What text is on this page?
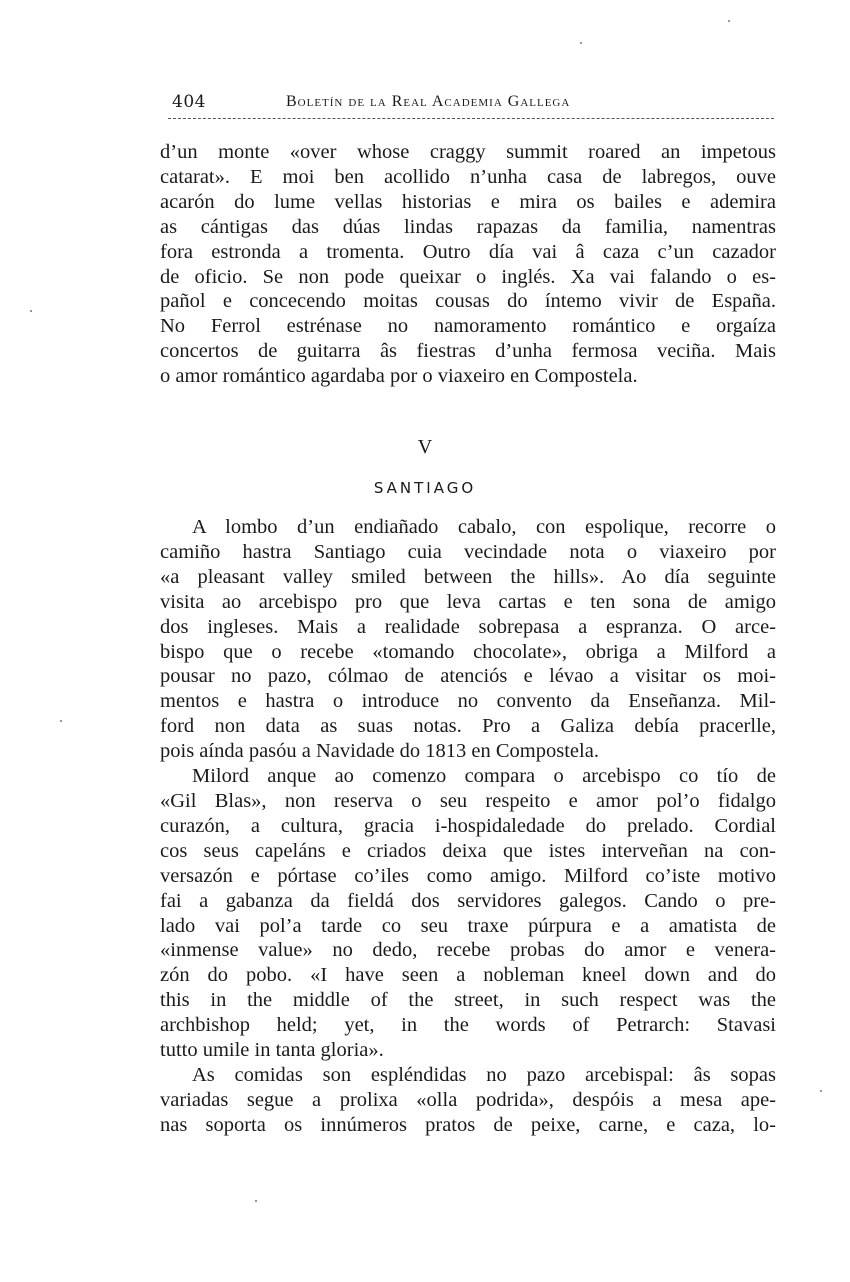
404	Boletín de la Real Academia Gallega
d’un monte «over whose craggy summit roared an impetous
catarat». E moi ben acollido n’unha casa de labregos, ouve
acarón do lume vellas historias e mira os bailes e ademira
as cántigas das dúas lindas rapazas da familia, namentras
fora estronda a tromenta. Outro día vai â caza c’un cazador
de oficio. Se non pode queixar o inglés. Xa vai falando o es-
pañol e concecendo moitas cousas do íntemo vivir de España.
No Ferrol estrénase no namoramento romántico e orgaíza
concertos de guitarra âs fiestras d’unha fermosa veciña. Mais
o amor romántico agardaba por o viaxeiro en Compostela.
V
SANTIAGO
A lombo d’un endiañado cabalo, con espolique, recorre o
camiño hastra Santiago cuia vecindade nota o viaxeiro por
«a pleasant valley smiled between the hills». Ao día seguinte
visita ao arcebispo pro que leva cartas e ten sona de amigo
dos ingleses. Mais a realidade sobrepasa a espranza. O arce-
bispo que o recebe «tomando chocolate», obriga a Milford a
pousar no pazo, cólmao de atenciós e lévao a visitar os moi-
mentos e hastra o introduce no convento da Enseñanza. Mil-
ford non data as suas notas. Pro a Galiza debía pracerlle,
pois aínda pasóu a Navidade do 1813 en Compostela.
Milord anque ao comenzo compara o arcebispo co tío de
«Gil Blas», non reserva o seu respeito e amor pol’o fidalgo
curazón, a cultura, gracia i-hospidaledade do prelado. Cordial
cos seus capeláns e criados deixa que istes interveñan na con-
versazón e pórtase co’iles como amigo. Milford co’iste motivo
fai a gabanza da fieldá dos servidores galegos. Cando o pre-
lado vai pol’a tarde co seu traxe púrpura e a amatista de
«inmense value» no dedo, recebe probas do amor e venera-
zón do pobo. «I have seen a nobleman kneel down and do
this in the middle of the street, in such respect was the
archbishop held; yet, in the words of Petrarch: Stavasi
tutto umile in tanta gloria».
As comidas son espléndidas no pazo arcebispal: âs sopas
variadas segue a prolixa «olla podrida», despóis a mesa ape-
nas soporta os innúmeros pratos de peixe, carne, e caza, lo-
